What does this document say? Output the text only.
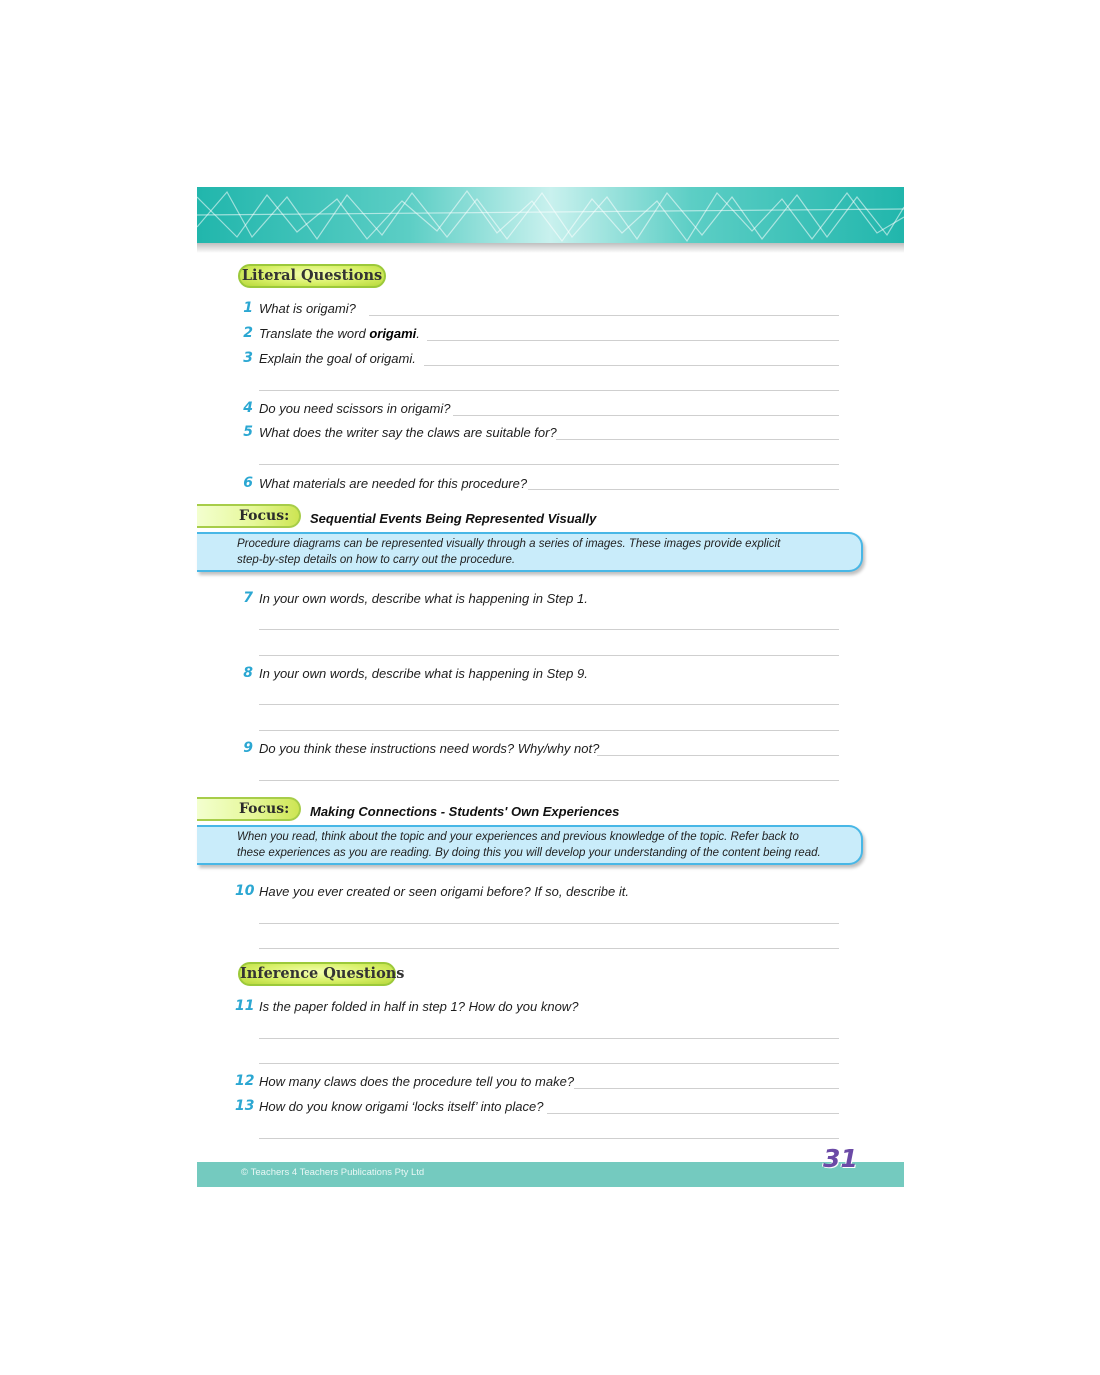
Literal Questions
1 What is origami?
2 Translate the word origami.
3 Explain the goal of origami.
4 Do you need scissors in origami?
5 What does the writer say the claws are suitable for?
6 What materials are needed for this procedure?
Focus:	Sequential Events Being Represented Visually
Procedure diagrams can be represented visually through a series of images. These images provide explicit
step-by-step details on how to carry out the procedure.
7 In your own words, describe what is happening in Step 1.
8 In your own words, describe what is happening in Step 9.
9 Do you think these instructions need words? Why/why not?
Focus:	Making Connections - Students' Own Experiences
When you read, think about the topic and your experiences and previous knowledge of the topic. Refer back to
these experiences as you are reading. By doing this you will develop your understanding of the content being read.
10 Have you ever created or seen origami before? If so, describe it.
Inference Questions
11 Is the paper folded in half in step 1? How do you know?
12 How many claws does the procedure tell you to make?
13 How do you know origami ‘locks itself’ into place?
© Teachers 4 Teachers Publications Pty Ltd	31
